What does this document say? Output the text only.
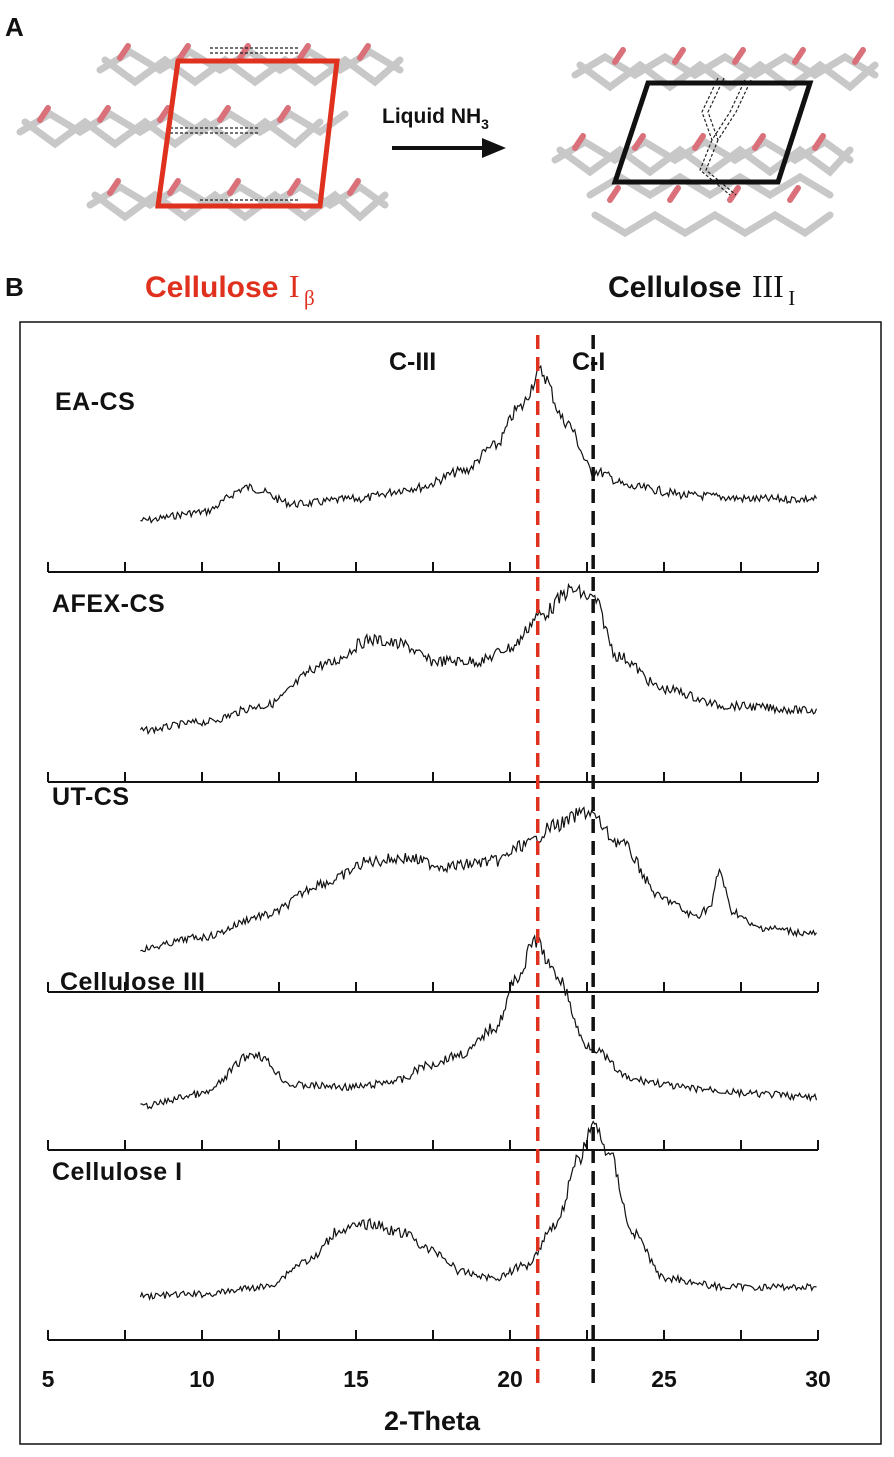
A
Liquid $NH_3$
B	Cellulose I β	Cellulose III I
C-III	C-I
EA-CS
AFEX-CS
UT-CS
Cellulose III
Cellulose I
5	10	15	20	25	30
2-Theta
